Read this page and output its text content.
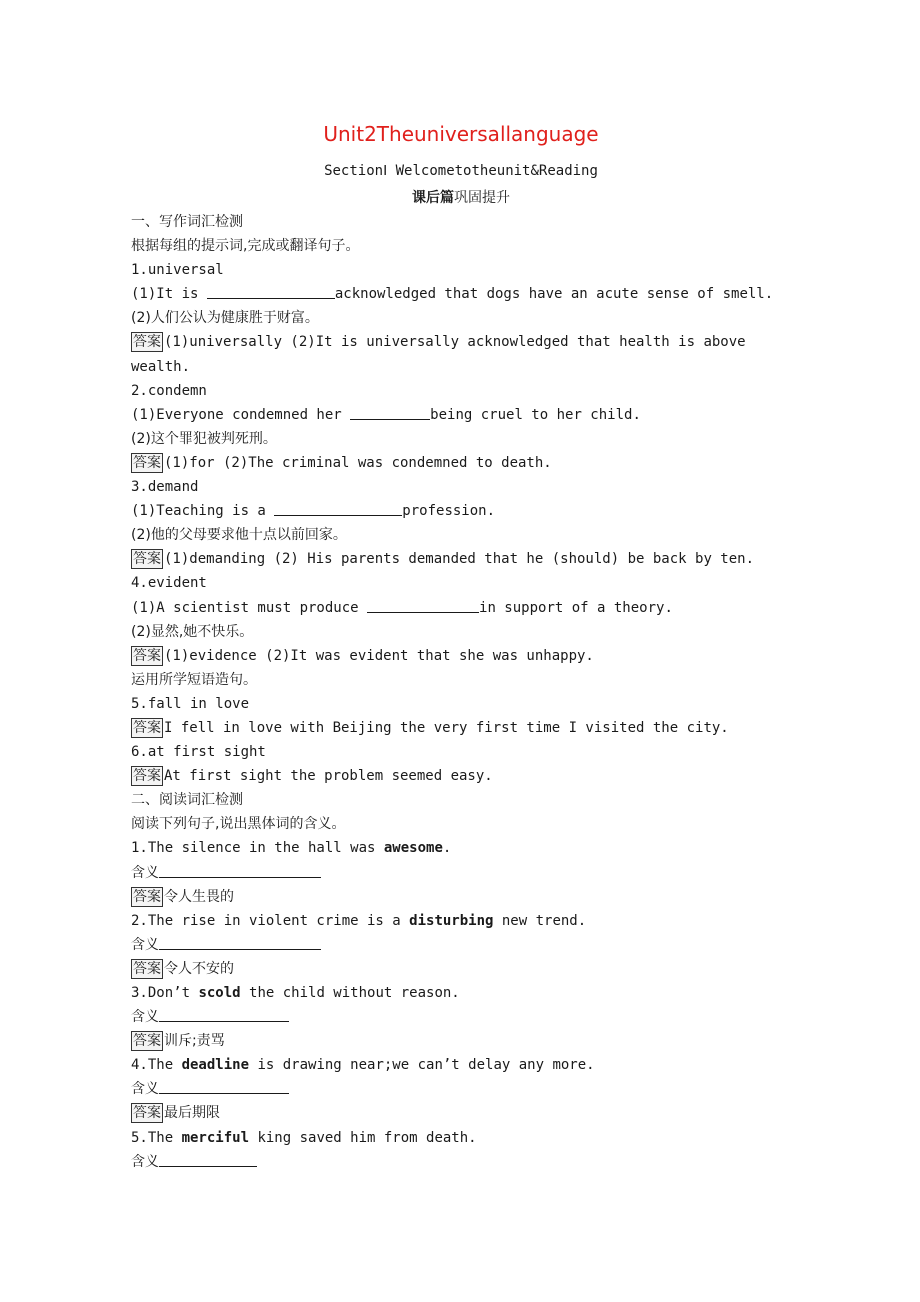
Unit2Theuniversallanguage
SectionⅠ Welcometotheunit&Reading
课后篇巩固提升
一、写作词汇检测
根据每组的提示词,完成或翻译句子。
1.universal
(1)It is	acknowledged that dogs have an acute sense of smell.
(2)人们公认为健康胜于财富。
答案 (1)universally (2)It is universally acknowledged that health is above
wealth.
2.condemn
(1)Everyone condemned her	being cruel to her child.
(2)这个罪犯被判死刑。
答案 (1)for (2)The criminal was condemned to death.
3.demand
(1)Teaching is a	profession.
(2)他的父母要求他十点以前回家。
答案 (1)demanding (2) His parents demanded that he (should) be back by ten.
4.evident
(1)A scientist must produce	in support of a theory.
(2)显然,她不快乐。
答案 (1)evidence (2)It was evident that she was unhappy.
运用所学短语造句。
5.fall in love
答案 I fell in love with Beijing the very first time I visited the city.
6.at first sight
答案 At first sight the problem seemed easy.
二、阅读词汇检测
阅读下列句子,说出黑体词的含义。
1.The silence in the hall was awesome.
含义
答案 令人生畏的
2.The rise in violent crime is a disturbing new trend.
含义
答案 令人不安的
3.Don’t scold the child without reason.
含义
答案 训斥;责骂
4.The deadline is drawing near;we can’t delay any more.
含义
答案 最后期限
5.The merciful king saved him from death.
含义
